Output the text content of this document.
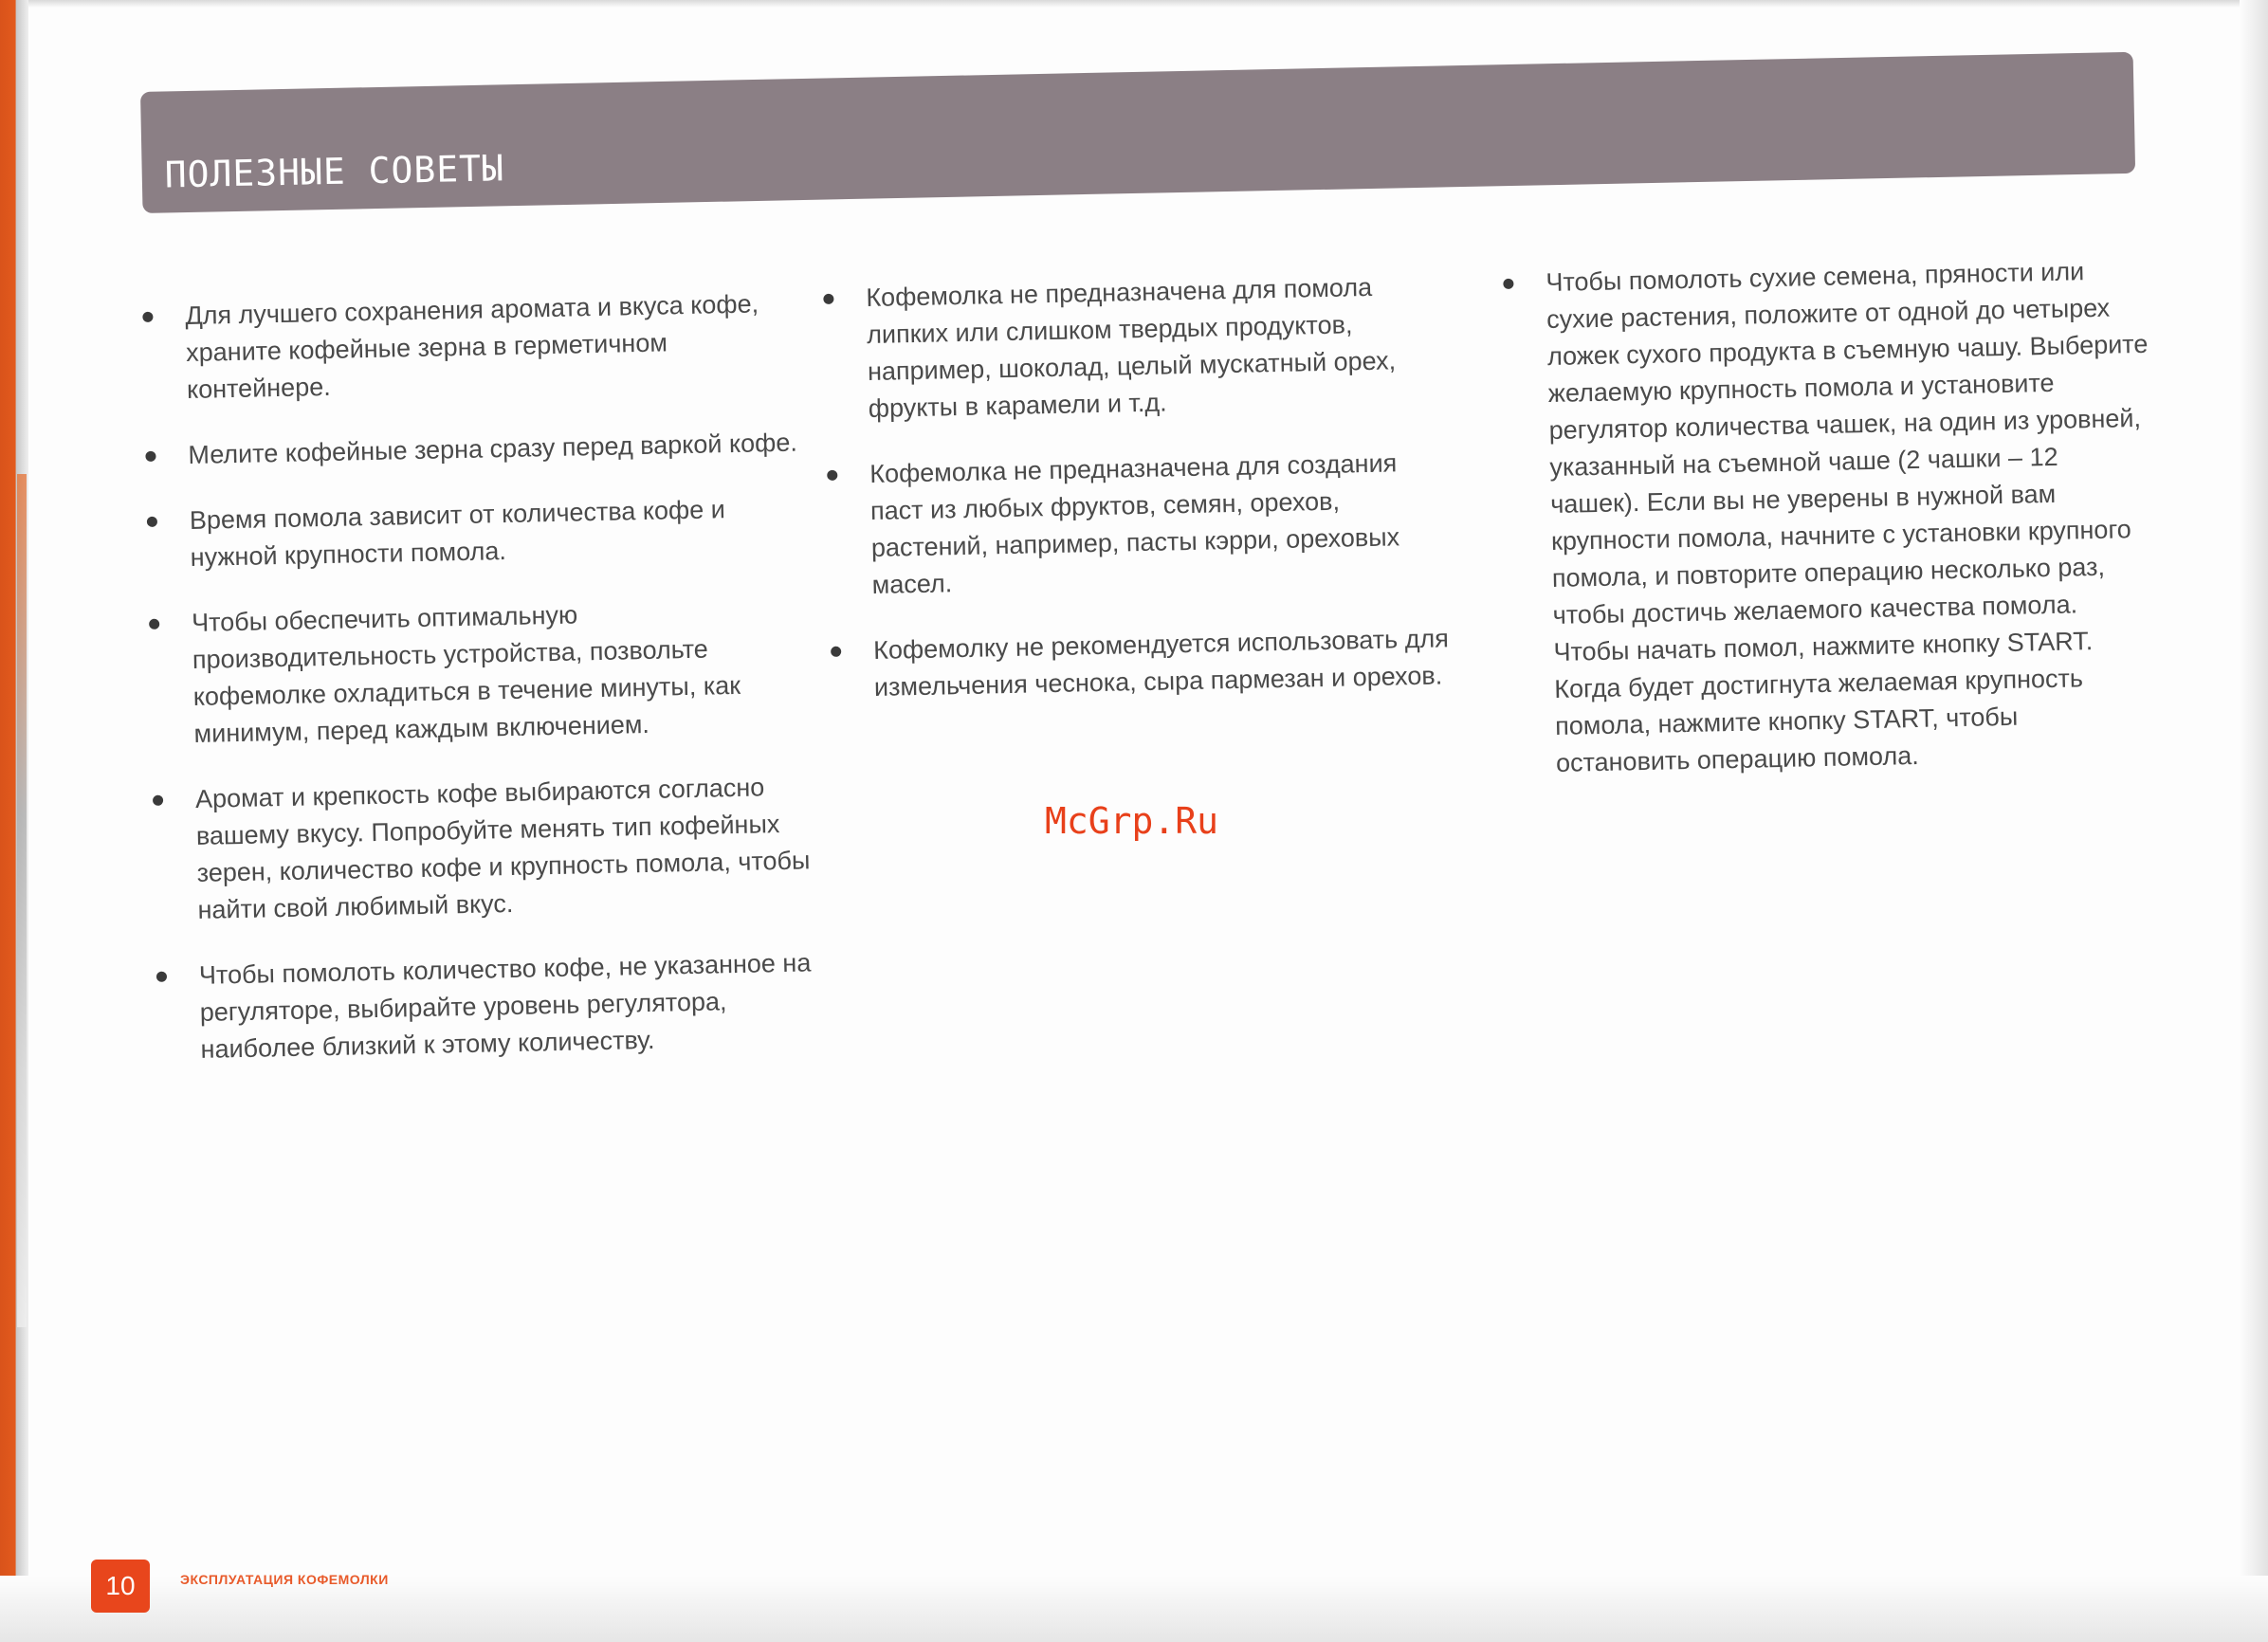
ПОЛЕЗНЫЕ СОВЕТЫ
Для лучшего сохранения аромата и вкуса кофе, храните кофейные зерна в герметичном контейнере.
Мелите кофейные зерна сразу перед варкой кофе.
Время помола зависит от количества кофе и нужной крупности помола.
Чтобы обеспечить оптимальную производительность устройства, позвольте кофемолке охладиться в течение минуты, как минимум, перед каждым включением.
Аромат и крепкость кофе выбираются согласно вашему вкусу. Попробуйте менять тип кофейных зерен, количество кофе и крупность помола, чтобы найти свой любимый вкус.
Чтобы помолоть количество кофе, не указанное на регуляторе, выбирайте уровень регулятора, наиболее близкий к этому количеству.
Кофемолка не предназначена для помола липких или слишком твердых продуктов, например, шоколад, целый мускатный орех, фрукты в карамели и т.д.
Кофемолка не предназначена для создания паст из любых фруктов, семян, орехов, растений, например, пасты кэрри, ореховых масел.
Кофемолку не рекомендуется использовать для измельчения чеснока, сыра пармезан и орехов.
Чтобы помолоть сухие семена, пряности или сухие растения, положите от одной до четырех ложек сухого продукта в съемную чашу. Выберите желаемую крупность помола и установите регулятор количества чашек, на один из уровней, указанный на съемной чаше (2 чашки – 12 чашек). Если вы не уверены в нужной вам крупности помола, начните с установки крупного помола, и повторите операцию несколько раз, чтобы достичь желаемого качества помола. Чтобы начать помол, нажмите кнопку START. Когда будет достигнута желаемая крупность помола, нажмите кнопку START, чтобы остановить операцию помола.

McGrp.Ru

10	ЭКСПЛУАТАЦИЯ КОФЕМОЛКИ
